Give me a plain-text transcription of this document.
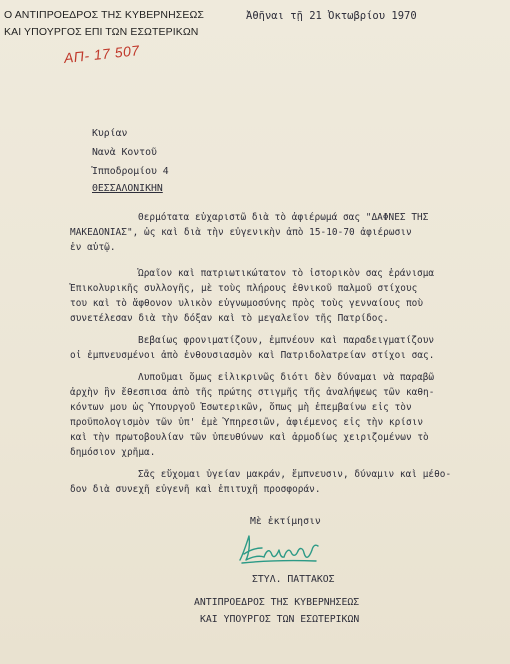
Ο ΑΝΤΙΠΡΟΕΔΡΟΣ ΤΗΣ ΚΥΒΕΡΝΗΣΕΩΣ
ΚΑΙ ΥΠΟΥΡΓΟΣ ΕΠΙ ΤΩΝ ΕΣΩΤΕΡΙΚΩΝ
Ἀθῆναι τῇ 21 Ὀκτωβρίου 1970
ΑΠ- 17 507
Κυρίαν
Νανὰ Κοντοῦ
Ἱπποδρομίου 4
ΘΕΣΣΑΛΟΝΙΚΗΝ
Θερμότατα εὐχαριστῶ διὰ τὸ ἀφιέρωμά σας "ΔΑΦΝΕΣ ΤΗΣ
ΜΑΚΕΔΟΝΙΑΣ", ὡς καὶ διὰ τὴν εὐγενικὴν ἀπὸ 15-10-70 ἀφιέρωσιν
ἐν αὐτῷ.
Ὡραῖον καὶ πατριωτικώτατον τὸ ἱστορικὸν σας ἐράνισμα
Ἐπικολυρικῆς συλλογῆς, μὲ τοὺς πλήρους ἐθνικοῦ παλμοῦ στίχους
του καὶ τὸ ἄφθονον υλικὸν εὐγνωμοσύνης πρὸς τοὺς γενναίους ποὺ
συνετέλεσαν διὰ τὴν δόξαν καὶ τὸ μεγαλεῖον τῆς Πατρίδος.
Βεβαίως φρονιματίζουν, ἐμπνέουν καὶ παραδειγματίζουν
οἱ ἐμπνευσμένοι ἀπὸ ἐνθουσιασμὸν καὶ Πατριδολατρείαν στίχοι σας.
Λυποῦμαι ὅμως εἰλικρινῶς διότι δὲν δύναμαι νὰ παραβῶ
ἀρχὴν ἣν ἔθεσπισα ἀπὸ τῆς πρώτης στιγμῆς τῆς ἀναλήψεως τῶν καθη-
κόντων μου ὡς Ὑπουργοῦ Ἐσωτερικῶν, ὅπως μὴ ἐπεμβαίνω εἰς τὸν
προϋπολογισμὸν τῶν ὑπ' ἐμὲ Ὑπηρεσιῶν, ἀφιέμενος εἰς τὴν κρίσιν
καὶ τὴν πρωτοβουλίαν τῶν ὑπευθύνων καὶ ἁρμοδίως χειριζομένων τὸ
δημόσιον χρῆμα.
Σᾶς εὔχομαι ὑγείαν μακράν, ἔμπνευσιν, δύναμιν καὶ μέθο-
δον διὰ συνεχῆ εὐγενῆ καὶ ἐπιτυχῆ προσφοράν.
Μὲ ἐκτίμησιν
ΣΤΥΛ. ΠΑΤΤΑΚΟΣ
ΑΝΤΙΠΡΟΕΔΡΟΣ ΤΗΣ ΚΥΒΕΡΝΗΣΕΩΣ
ΚΑΙ ΥΠΟΥΡΓΟΣ ΤΩΝ ΕΣΩΤΕΡΙΚΩΝ
